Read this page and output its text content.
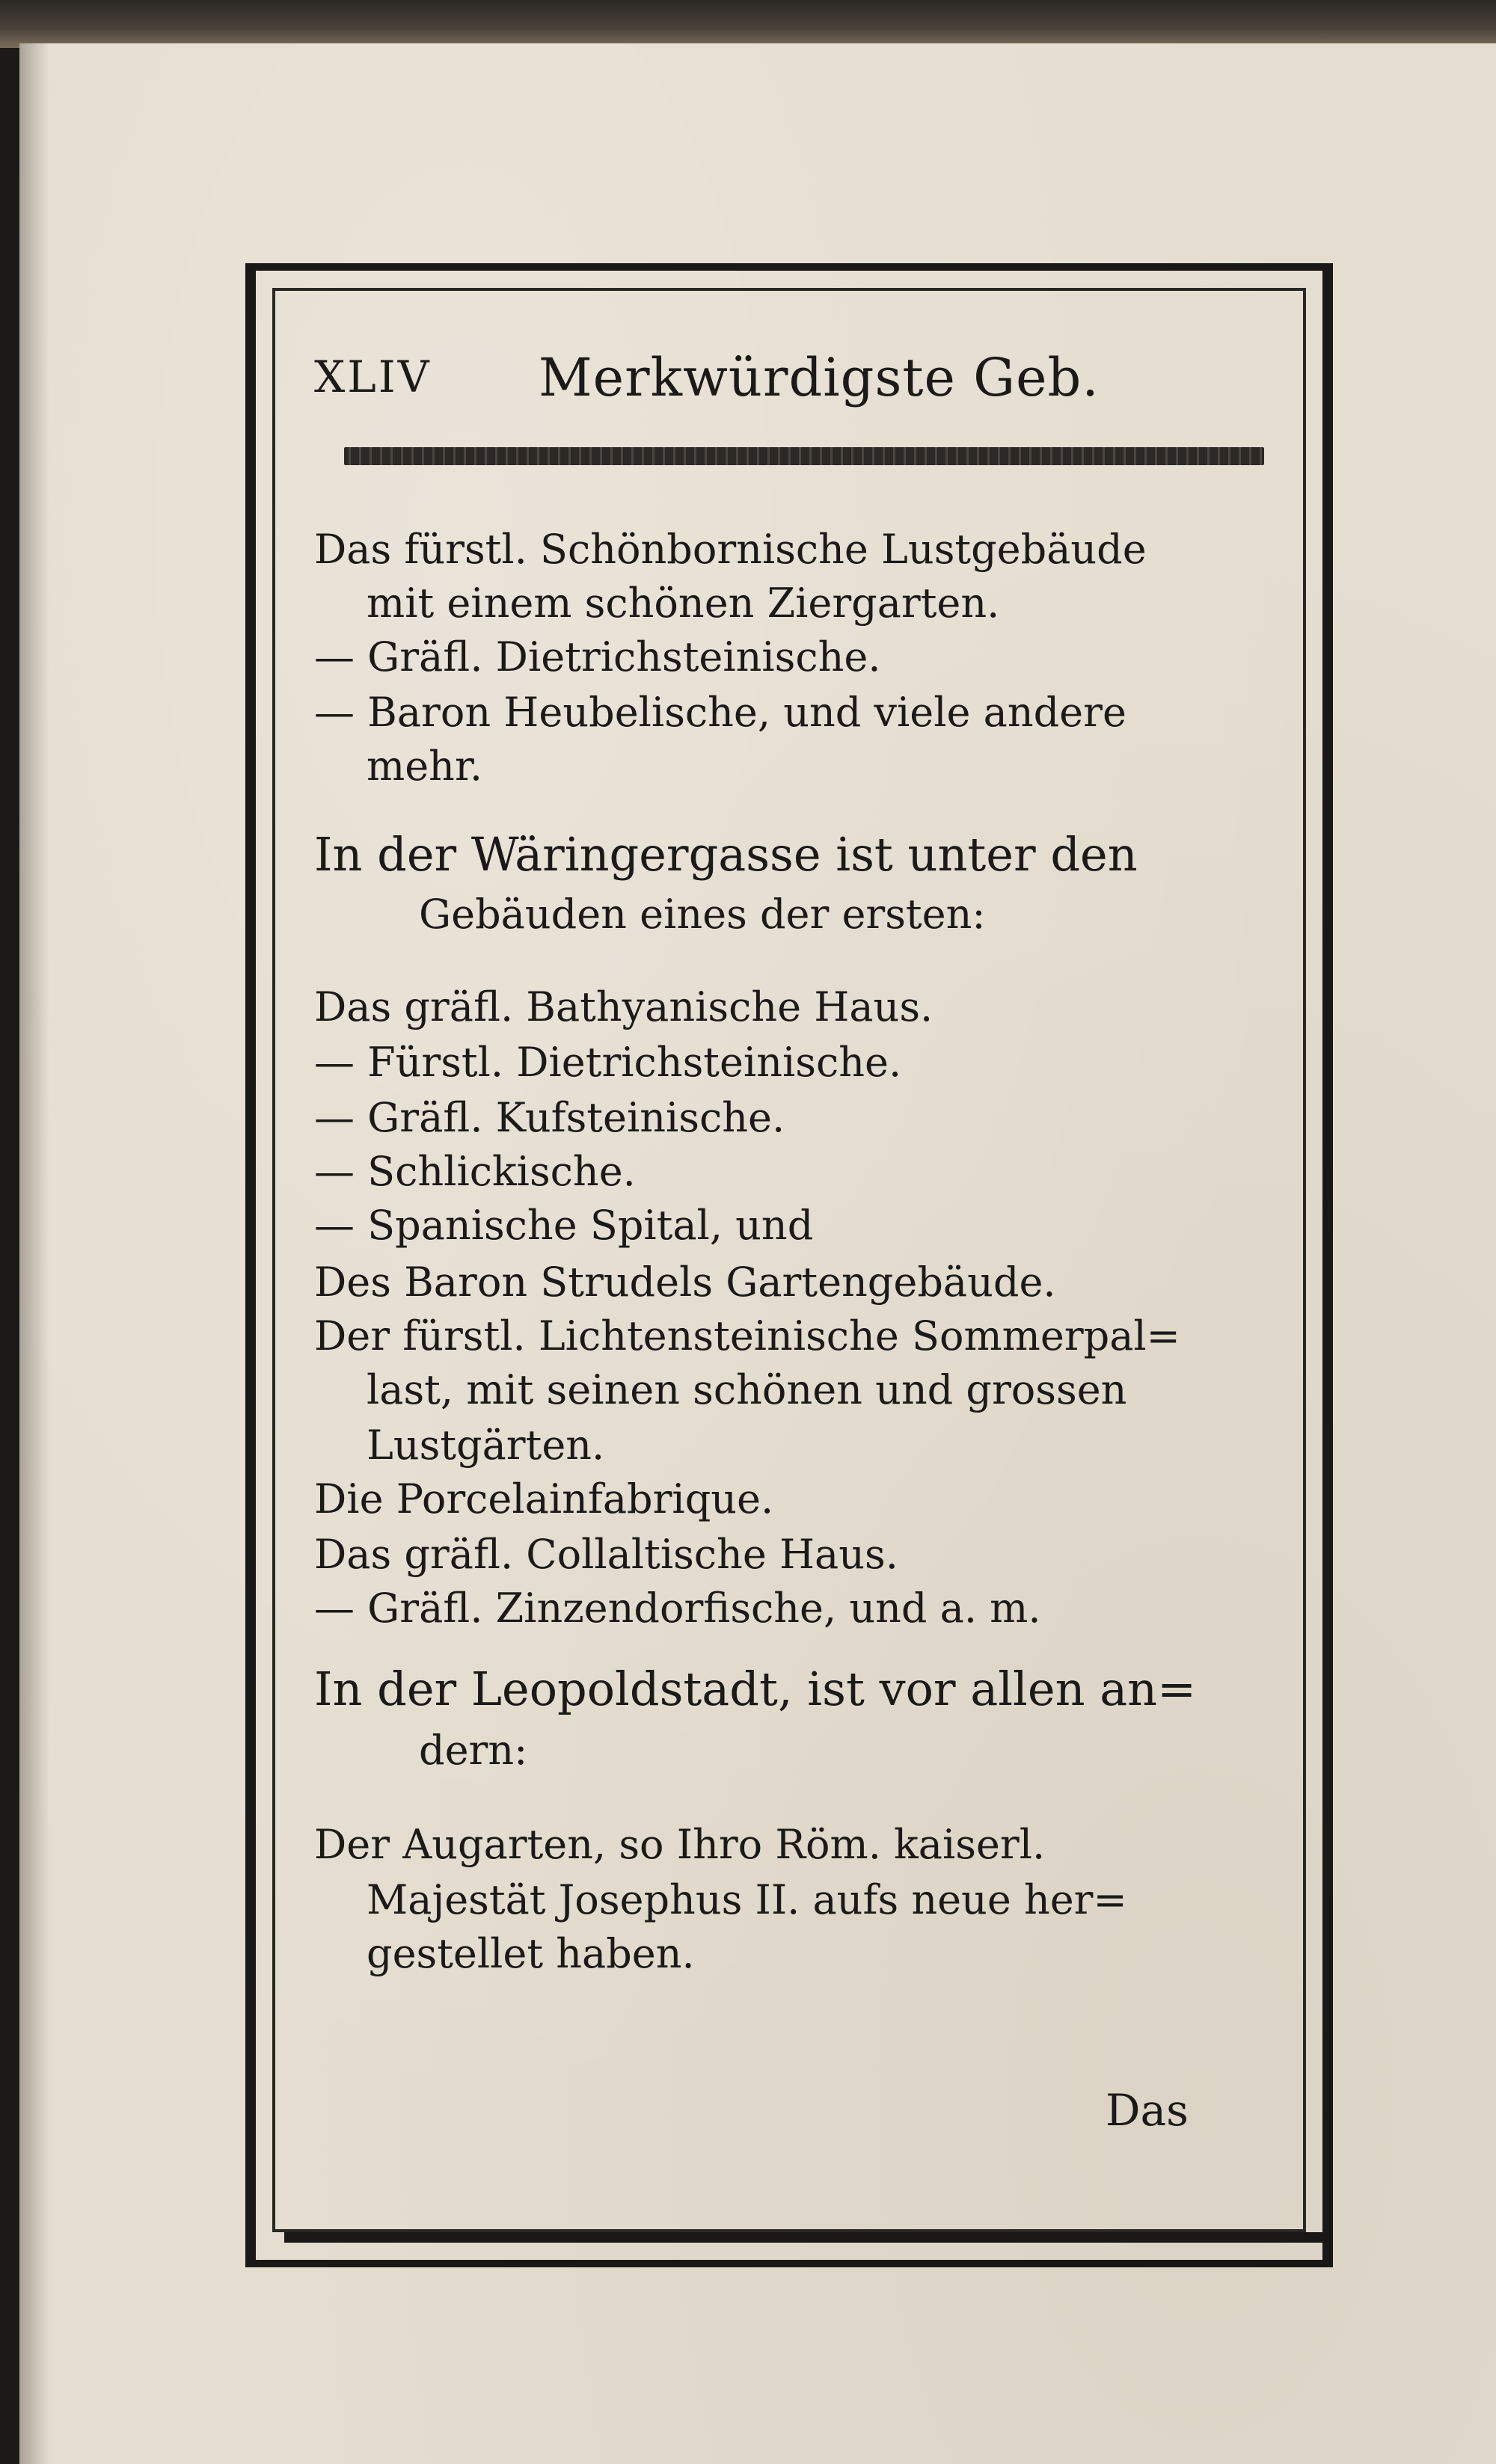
XLIV Merkwürdigste Geb.
Das fürstl. Schönbornische Lustgebäude
mit einem schönen Ziergarten.
— Gräfl. Dietrichsteinische.
— Baron Heubelische, und viele andere
mehr.
In der Wäringergasse ist unter den
Gebäuden eines der ersten:
Das gräfl. Bathyanische Haus.
— Fürstl. Dietrichsteinische.
— Gräfl. Kufsteinische.
— Schlickische.
— Spanische Spital, und
Des Baron Strudels Gartengebäude.
Der fürstl. Lichtensteinische Sommerpal=
last, mit seinen schönen und grossen
Lustgärten.
Die Porcelainfabrique.
Das gräfl. Collaltische Haus.
— Gräfl. Zinzendorfische, und a. m.
In der Leopoldstadt, ist vor allen an=
dern:
Der Augarten, so Ihro Röm. kaiserl.
Majestät Josephus II. aufs neue her=
gestellet haben.
Das
